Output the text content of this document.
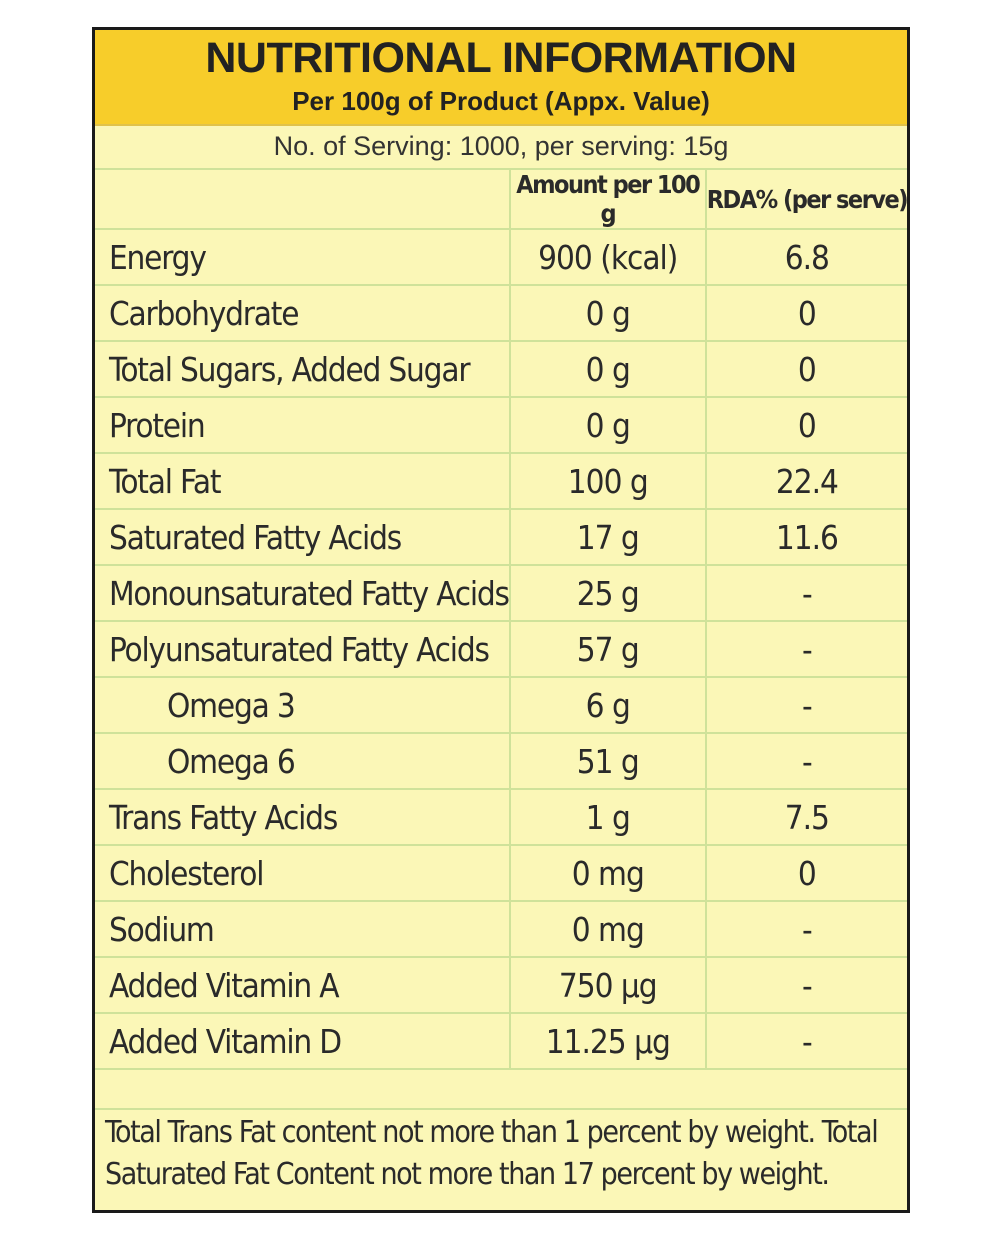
NUTRITIONAL INFORMATION
Per 100g of Product (Appx. Value)
No. of Serving: 1000, per serving: 15g
	Amount per 100 g	RDA% (per serve)
Energy	900 (kcal)	6.8
Carbohydrate	0 g	0
Total Sugars, Added Sugar	0 g	0
Protein	0 g	0
Total Fat	100 g	22.4
Saturated Fatty Acids	17 g	11.6
Monounsaturated Fatty Acids	25 g	-
Polyunsaturated Fatty Acids	57 g	-
Omega 3	6 g	-
Omega 6	51 g	-
Trans Fatty Acids	1 g	7.5
Cholesterol	0 mg	0
Sodium	0 mg	-
Added Vitamin A	750 µg	-
Added Vitamin D	11.25 µg	-
Total Trans Fat content not more than 1 percent by weight. Total Saturated Fat Content not more than 17 percent by weight.
